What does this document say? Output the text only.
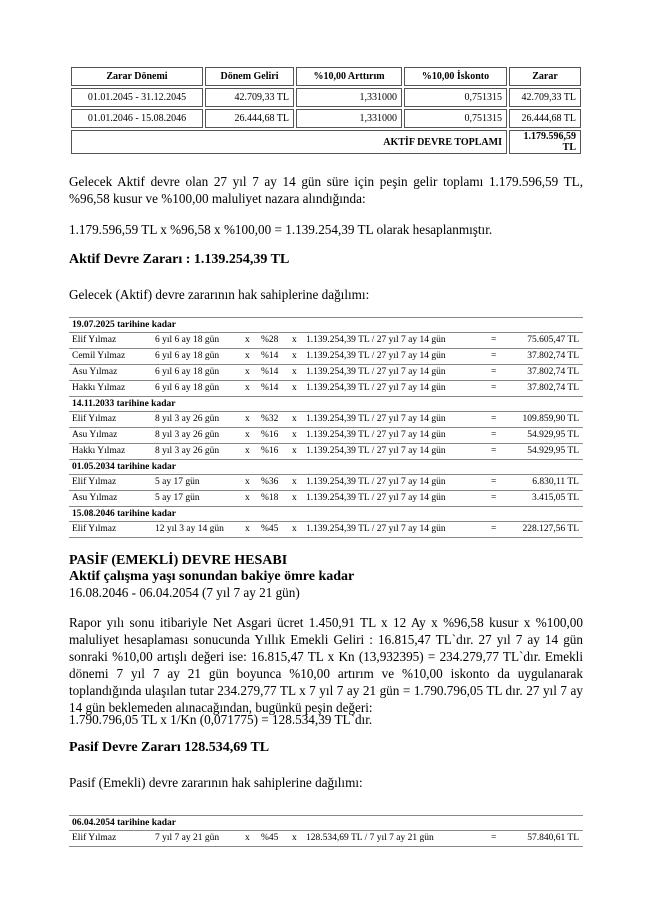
Zarar Dönemi	Dönem Geliri	%10,00 Arttırım	%10,00 İskonto	Zarar
01.01.2045 - 31.12.2045	42.709,33 TL	1,331000	0,751315	42.709,33 TL
01.01.2046 - 15.08.2046	26.444,68 TL	1,331000	0,751315	26.444,68 TL
AKTİF DEVRE TOPLAMI				1.179.596,59 TL

Gelecek Aktif devre olan 27 yıl 7 ay 14 gün süre için peşin gelir toplamı 1.179.596,59 TL, %96,58 kusur ve %100,00 maluliyet nazara alındığında:

1.179.596,59 TL x %96,58 x %100,00 = 1.139.254,39 TL olarak hesaplanmıştır.

Aktif Devre Zararı : 1.139.254,39 TL

Gelecek (Aktif) devre zararının hak sahiplerine dağılımı:

19.07.2025 tarihine kadar
Elif Yılmaz	6 yıl 6 ay 18 gün	x %28 x 1.139.254,39 TL / 27 yıl 7 ay 14 gün	=	75.605,47 TL
Cemil Yılmaz	6 yıl 6 ay 18 gün	x %14 x 1.139.254,39 TL / 27 yıl 7 ay 14 gün	=	37.802,74 TL
Asu Yılmaz	6 yıl 6 ay 18 gün	x %14 x 1.139.254,39 TL / 27 yıl 7 ay 14 gün	=	37.802,74 TL
Hakkı Yılmaz	6 yıl 6 ay 18 gün	x %14 x 1.139.254,39 TL / 27 yıl 7 ay 14 gün	=	37.802,74 TL
14.11.2033 tarihine kadar
Elif Yılmaz	8 yıl 3 ay 26 gün	x %32 x 1.139.254,39 TL / 27 yıl 7 ay 14 gün	=	109.859,90 TL
Asu Yılmaz	8 yıl 3 ay 26 gün	x %16 x 1.139.254,39 TL / 27 yıl 7 ay 14 gün	=	54.929,95 TL
Hakkı Yılmaz	8 yıl 3 ay 26 gün	x %16 x 1.139.254,39 TL / 27 yıl 7 ay 14 gün	=	54.929,95 TL
01.05.2034 tarihine kadar
Elif Yılmaz	5 ay 17 gün	x %36 x 1.139.254,39 TL / 27 yıl 7 ay 14 gün	=	6.830,11 TL
Asu Yılmaz	5 ay 17 gün	x %18 x 1.139.254,39 TL / 27 yıl 7 ay 14 gün	=	3.415,05 TL
15.08.2046 tarihine kadar
Elif Yılmaz	12 yıl 3 ay 14 gün x %45 x 1.139.254,39 TL / 27 yıl 7 ay 14 gün	=	228.127,56 TL
PASİF (EMEKLİ) DEVRE HESABI
Aktif çalışma yaşı sonundan bakiye ömre kadar

16.08.2046 - 06.04.2054 (7 yıl 7 ay 21 gün)

Rapor yılı sonu itibariyle Net Asgari ücret 1.450,91 TL x 12 Ay x %96,58 kusur x %100,00 maluliyet hesaplaması sonucunda Yıllık Emekli Geliri : 16.815,47 TL`dır. 27 yıl 7 ay 14 gün sonraki %10,00 artışlı değeri ise: 16.815,47 TL x Kn (13,932395) = 234.279,77 TL`dır. Emekli dönemi 7 yıl 7 ay 21 gün boyunca %10,00 artırım ve %10,00 iskonto da uygulanarak toplandığında ulaşılan tutar 234.279,77 TL x 7 yıl 7 ay 21 gün = 1.790.796,05 TL dır. 27 yıl 7 ay 14 gün beklemeden alınacağından, bugünkü peşin değeri:

1.790.796,05 TL x 1/Kn (0,071775) = 128.534,39 TL`dır.

Pasif Devre Zararı 128.534,69 TL

Pasif (Emekli) devre zararının hak sahiplerine dağılımı:

06.04.2054 tarihine kadar
Elif Yılmaz	7 yıl 7 ay 21 gün	x %45 x 128.534,69 TL / 7 yıl 7 ay 21 gün	=	57.840,61 TL
